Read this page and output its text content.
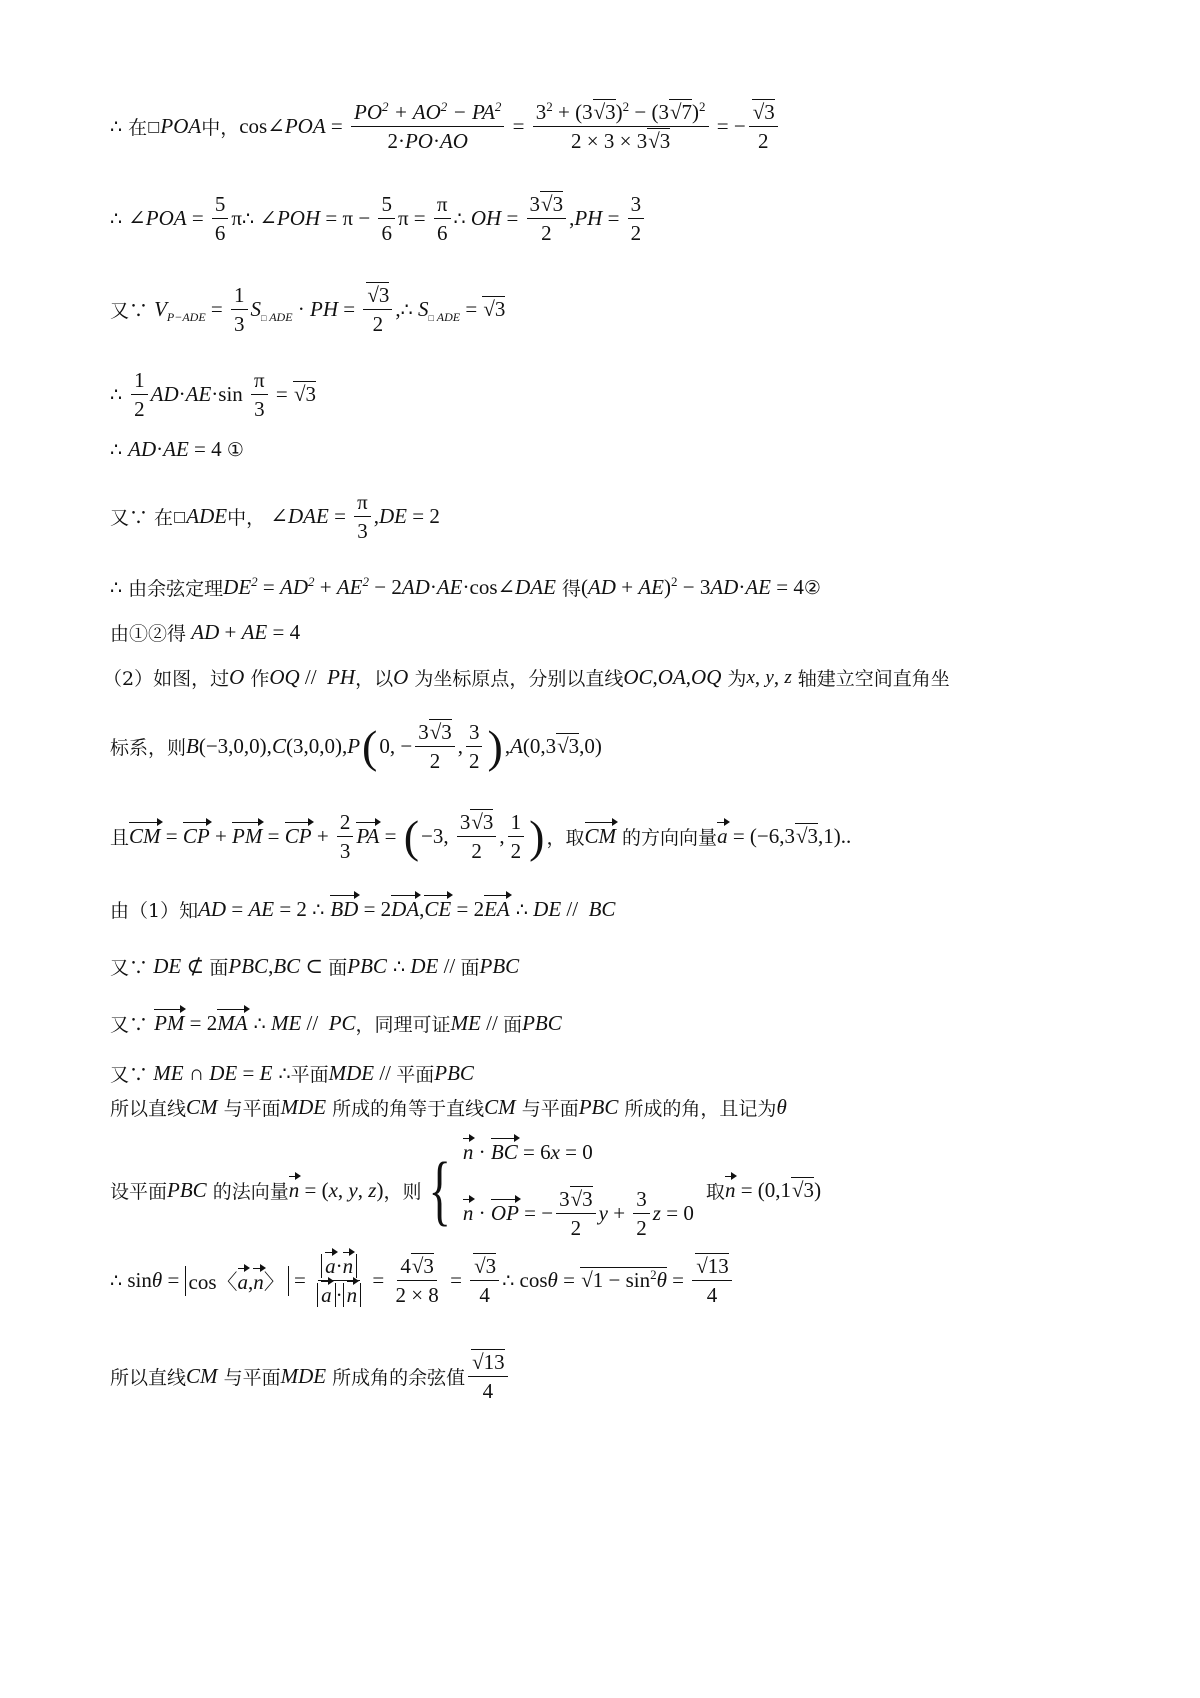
∴
在 □ POA 中， cos∠ POA = $\frac{PO^2 + AO^2 - PA^2}{2\cdot PO\cdot AO} = \frac{3^2 + (3√3)^2 - (3√7)^2}{2 \times 3 \times 3√3}$ = − $\frac{√3}{2}$
∴
∠ POA = $\frac{5}{6}$ π ∴ ∠ POH = $\pi - \frac{5}{6}$ $\pi = \frac{\pi}{6}$ ∴ OH = $\frac{3√3}{2}$ , PH = $\frac{3}{2}$
又∵
$V_{P-ADE} = \frac{1}{3} S_{□ ADE}$ · PH = $\frac{√3}{2}$ , ∴ $S_{□ ADE} = √3$
∴
$\frac{1}{2}$ AD · AE $\cdot\sin \frac{\pi}{3} = √3$
∴
AD · AE = 4 ①
又∵ 在 □ ADE 中， ∠ DAE = $\frac{\pi}{3}$ , DE = 2
∴
由余弦定理 $DE^2 = AD^2 + AE^2 - 2$ AD · AE ·cos∠ DAE
得 ( AD + AE )$^2$ − 3 AD · AE = 4 ②
由①②得 AD + AE = 4
（2）如图，过 O
作 OQ // PH ，以 O
为坐标原点，分别以直线 OC , OA , OQ
为 x , y , z
轴建立空间直角坐
标系，则 B (−3,0,0), C (3,0,0), P ( 0, − $\frac{3√3}{2}$ , $\frac{3}{2}$ ) , A (0,3√3,0)
且 CM = CP + PM = CP + $\frac{2}{3}$ PA = ( −3, $\frac{3√3}{2}$ , $\frac{1}{2}$ ) ，取 CM
的方向向量 a = (−6,3√3,1)..
由（1）知 AD = AE = 2 ∴
BD = 2 DA , CE = 2 EA
∴ DE // BC
又∵ DE ⊄ 面 PBC , BC ⊂ 面 PBC
∴ DE // 面 PBC
又∵
PM = 2 MA
∴ ME // PC ，同理可证 ME // 面 PBC
又∵ ME ∩ DE = E
∴ 平面 MDE // 平面 PBC
所以直线 CM
与平面 MDE
所成的角等于直线 CM
与平面 PBC
所成的角，且记为 θ
设平面 PBC
的法向量 n = ( x , y , z ) ，则 { n · BC = 6x = 0
n · OP = − $\frac{3√3}{2}$ $y + \frac{3}{2}$ z = 0

取 n = (0,1√3)
∴ sin θ = cos〈a,n〉 = $\frac{a\cdot n}{a \cdot n} = \frac{4√3}{2 \times 8} = \frac{√3}{4}$ ∴ $\cos \theta = √1 - \sin^2\theta = \frac{√13}{4}$
所以直线 CM
与平面 MDE
所成角的余弦值 $\frac{√13}{4}$
